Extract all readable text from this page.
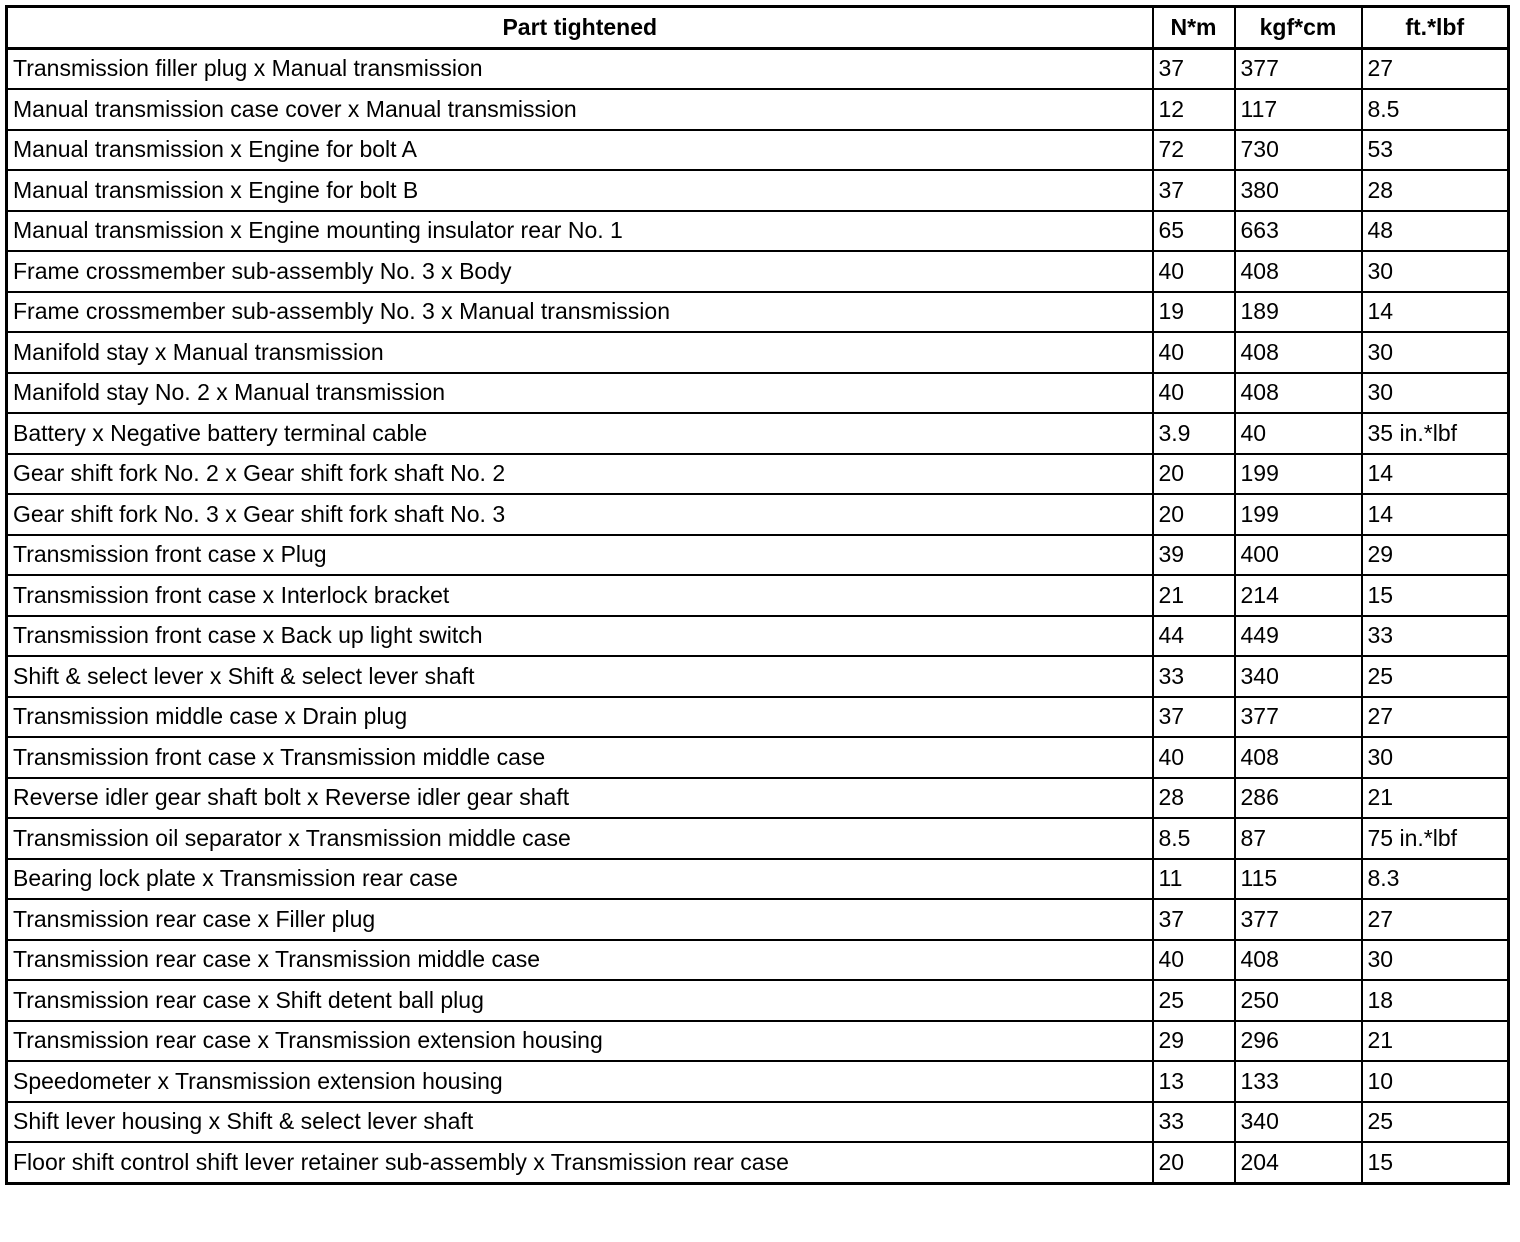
Part tightened	N*m	kgf*cm	ft.*lbf
Transmission filler plug x Manual transmission	37	377	27
Manual transmission case cover x Manual transmission	12	117	8.5
Manual transmission x Engine for bolt A	72	730	53
Manual transmission x Engine for bolt B	37	380	28
Manual transmission x Engine mounting insulator rear No. 1	65	663	48
Frame crossmember sub-assembly No. 3 x Body	40	408	30
Frame crossmember sub-assembly No. 3 x Manual transmission	19	189	14
Manifold stay x Manual transmission	40	408	30
Manifold stay No. 2 x Manual transmission	40	408	30
Battery x Negative battery terminal cable	3.9	40	35 in.*lbf
Gear shift fork No. 2 x Gear shift fork shaft No. 2	20	199	14
Gear shift fork No. 3 x Gear shift fork shaft No. 3	20	199	14
Transmission front case x Plug	39	400	29
Transmission front case x Interlock bracket	21	214	15
Transmission front case x Back up light switch	44	449	33
Shift & select lever x Shift & select lever shaft	33	340	25
Transmission middle case x Drain plug	37	377	27
Transmission front case x Transmission middle case	40	408	30
Reverse idler gear shaft bolt x Reverse idler gear shaft	28	286	21
Transmission oil separator x Transmission middle case	8.5	87	75 in.*lbf
Bearing lock plate x Transmission rear case	11	115	8.3
Transmission rear case x Filler plug	37	377	27
Transmission rear case x Transmission middle case	40	408	30
Transmission rear case x Shift detent ball plug	25	250	18
Transmission rear case x Transmission extension housing	29	296	21
Speedometer x Transmission extension housing	13	133	10
Shift lever housing x Shift & select lever shaft	33	340	25
Floor shift control shift lever retainer sub-assembly x Transmission rear case	20	204	15
